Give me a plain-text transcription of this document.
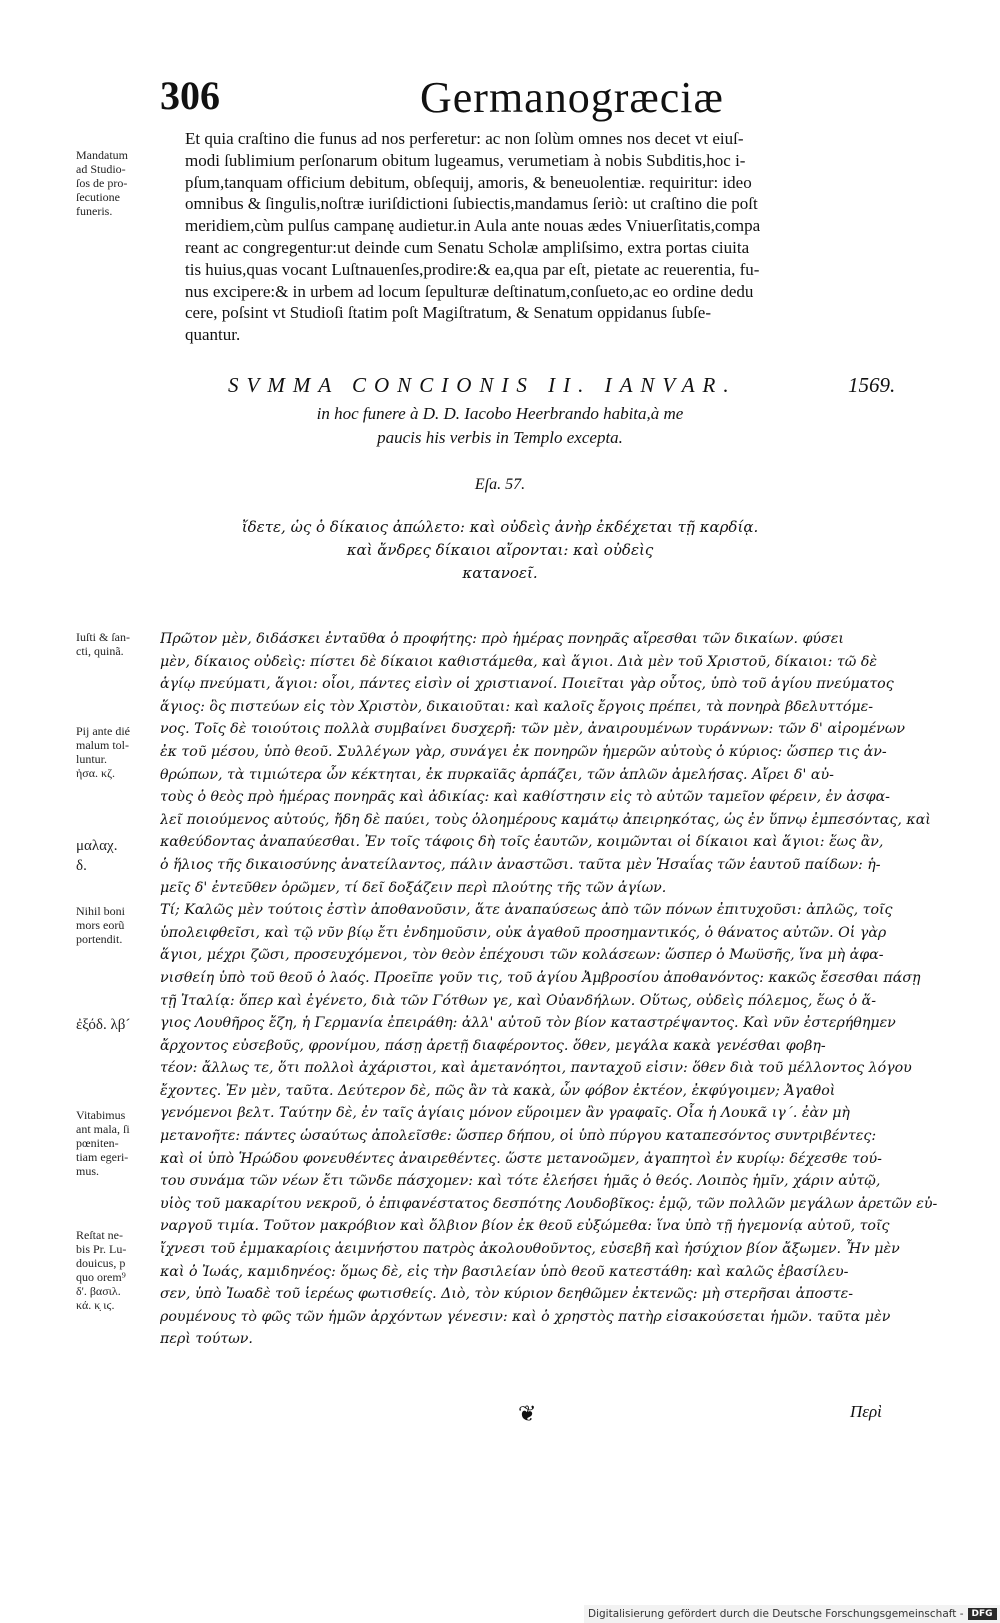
306	Germanogræciæ
Et quia craſtino die funus ad nos perferetur: ac non ſolùm omnes nos decet vt eiuſ-
modi ſublimium perſonarum obitum lugeamus, verumetiam à nobis Subditis,hoc i-
pſum,tanquam officium debitum, obſequij, amoris, & beneuolentiæ. requiritur: ideo
omnibus & ſingulis,noſtræ iuriſdictioni ſubiectis,mandamus ſeriò: ut craſtino die poſt
meridiem,cùm pulſus campanę audietur.in Aula ante nouas ædes Vniuerſitatis,compa
reant ac congregentur:ut deinde cum Senatu Scholæ ampliſsimo, extra portas ciuita
tis huius,quas vocant Luſtnauenſes,prodire:& ea,qua par eſt, pietate ac reuerentia, fu-
nus excipere:& in urbem ad locum ſepulturæ deſtinatum,conſueto,ac eo ordine dedu
cere, poſsint vt Studioſi ſtatim poſt Magiſtratum, & Senatum oppidanus ſubſe-
quantur.
Mandatum
ad Studio-
ſos de pro-
ſecutione
funeris.
SVMMA CONCIONIS II. IANVAR.	1569.
in hoc funere à D. D. Iacobo Heerbrando habita,à me
paucis his verbis in Templo excepta.
Eſa. 57.
ἴδετε, ὡς ὁ δίκαιος ἀπώλετο: καὶ οὐδεὶς ἀνὴρ ἐκδέχεται τῇ καρδίᾳ.
καὶ ἄνδρες δίκαιοι αἴρονται: καὶ οὐδεὶς
κατανοεῖ.
Iuſti & ſan-
cti, quinã.
Pij ante dié
malum tol-
luntur.
ἡσα. κζ.
μαλαχ.
δ.
Nihil boni
mors eorũ
portendit.
ἐξόδ. λβ´
Vitabimus
ant mala, ſi
pœniten-
tiam egeri-
mus.
Reſtat ne-
bis Pr. Lu-
douicus, p
quo orem⁹
δ'. βασιλ.
κά. κ̣ ιϛ.
Πρῶτον μὲν, διδάσκει ἐνταῦθα ὁ προφήτης: πρὸ ἡμέρας πονηρᾶς αἴρεσθαι τῶν δικαίων. φύσει
μὲν, δίκαιος οὐδεὶς: πίστει δὲ δίκαιοι καθιστάμεθα, καὶ ἅγιοι. Διὰ μὲν τοῦ Χριστοῦ, δίκαιοι: τῶ δὲ
ἁγίῳ πνεύματι, ἅγιοι: οἷοι, πάντες εἰσὶν οἱ χριστιανοί. Ποιεῖται γὰρ οὗτος, ὑπὸ τοῦ ἁγίου πνεύματος
ἅγιος: ὃς πιστεύων εἰς τὸν Χριστὸν, δικαιοῦται: καὶ καλοῖς ἔργοις πρέπει, τὰ πονηρὰ βδελυττόμε-
νος. Τοῖς δὲ τοιούτοις πολλὰ συμβαίνει δυσχερῆ: τῶν μὲν, ἀναιρουμένων τυράννων: τῶν δ' αἰρομένων
ἐκ τοῦ μέσου, ὑπὸ θεοῦ. Συλλέγων γὰρ, συνάγει ἐκ πονηρῶν ἡμερῶν αὐτοὺς ὁ κύριος: ὥσπερ τις ἀν-
θρώπων, τὰ τιμιώτερα ὧν κέκτηται, ἐκ πυρκαϊᾶς ἁρπάζει, τῶν ἁπλῶν ἀμελήσας. Αἴρει δ' αὐ-
τοὺς ὁ θεὸς πρὸ ἡμέρας πονηρᾶς καὶ ἀδικίας: καὶ καθίστησιν εἰς τὸ αὐτῶν ταμεῖον φέρειν, ἐν ἀσφα-
λεῖ ποιούμενος αὐτούς, ἤδη δὲ παύει, τοὺς ὁλοημέρους καμάτῳ ἀπειρηκότας, ὡς ἐν ὕπνῳ ἐμπεσόντας, καὶ
καθεύδοντας ἀναπαύεσθαι. Ἐν τοῖς τάφοις δὴ τοῖς ἑαυτῶν, κοιμῶνται οἱ δίκαιοι καὶ ἅγιοι: ἕως ἂν,
ὁ ἥλιος τῆς δικαιοσύνης ἀνατείλαντος, πάλιν ἀναστῶσι. ταῦτα μὲν Ἡσαΐας τῶν ἑαυτοῦ παίδων: ἡ-
μεῖς δ' ἐντεῦθεν ὁρῶμεν, τί δεῖ δοξάζειν περὶ πλούτης τῆς τῶν ἁγίων.
Τί; Καλῶς μὲν τούτοις ἐστὶν ἀποθανοῦσιν, ἅτε ἀναπαύσεως ἀπὸ τῶν πόνων ἐπιτυχοῦσι: ἀπλῶς, τοῖς
ὑπολειφθεῖσι, καὶ τῷ νῦν βίῳ ἔτι ἐνδημοῦσιν, οὐκ ἀγαθοῦ προσημαντικός, ὁ θάνατος αὐτῶν. Οἱ γὰρ
ἅγιοι, μέχρι ζῶσι, προσευχόμενοι, τὸν θεὸν ἐπέχουσι τῶν κολάσεων: ὥσπερ ὁ Μωϋσῆς, ἵνα μὴ ἀφα-
νισθείη ὑπὸ τοῦ θεοῦ ὁ λαός. Προεῖπε γοῦν τις, τοῦ ἁγίου Ἀμβροσίου ἀποθανόντος: κακῶς ἔσεσθαι πάσῃ
τῇ Ἰταλίᾳ: ὅπερ καὶ ἐγένετο, διὰ τῶν Γότθων γε, καὶ Οὐανδήλων. Οὕτως, οὐδεὶς πόλεμος, ἕως ὁ ἅ-
γιος Λουθῆρος ἔζη, ἡ Γερμανία ἐπειράθη: ἀλλ' αὐτοῦ τὸν βίον καταστρέψαντος. Καὶ νῦν ἐστερήθημεν
ἄρχοντος εὐσεβοῦς, φρονίμου, πάσῃ ἀρετῇ διαφέροντος. ὅθεν, μεγάλα κακὰ γενέσθαι φοβη-
τέον: ἄλλως τε, ὅτι πολλοὶ ἀχάριστοι, καὶ ἀμετανόητοι, πανταχοῦ εἰσιν: ὅθεν διὰ τοῦ μέλλοντος λόγου
ἔχοντες. Ἐν μὲν, ταῦτα. Δεύτερον δὲ, πῶς ἂν τὰ κακὰ, ὧν φόβον ἐκτέον, ἐκφύγοιμεν; Ἀγαθοὶ
γενόμενοι βελτ. Ταύτην δὲ, ἐν ταῖς ἁγίαις μόνον εὕροιμεν ἂν γραφαῖς. Οἷα ἡ Λουκᾶ ιγ´. ἐὰν μὴ
μετανοῆτε: πάντες ὡσαύτως ἀπολεῖσθε: ὥσπερ δήπου, οἱ ὑπὸ πύργου καταπεσόντος συντριβέντες:
καὶ οἱ ὑπὸ Ἡρώδου φονευθέντες ἀναιρεθέντες. ὥστε μετανοῶμεν, ἀγαπητοὶ ἐν κυρίῳ: δέχεσθε τού-
του συνάμα τῶν νέων ἔτι τῶνδε πάσχομεν: καὶ τότε ἐλεήσει ἡμᾶς ὁ θεός. Λοιπὸς ἡμῖν, χάριν αὐτῷ,
υἱὸς τοῦ μακαρίτου νεκροῦ, ὁ ἐπιφανέστατος δεσπότης Λουδοβῖκος: ἐμῷ, τῶν πολλῶν μεγάλων ἀρετῶν εὐ-
ναργοῦ τιμία. Τοῦτον μακρόβιον καὶ ὄλβιον βίον ἐκ θεοῦ εὐξώμεθα: ἵνα ὑπὸ τῇ ἡγεμονίᾳ αὐτοῦ, τοῖς
ἴχνεσι τοῦ ἐμμακαρίοις ἀειμνήστου πατρὸς ἀκολουθοῦντος, εὐσεβῆ καὶ ἡσύχιον βίον ἄξωμεν. Ἦν μὲν
καὶ ὁ Ἰωάς, καμιδηνέος: ὅμως δὲ, εἰς τὴν βασιλείαν ὑπὸ θεοῦ κατεστάθη: καὶ καλῶς ἐβασίλευ-
σεν, ὑπὸ Ἰωαδὲ τοῦ ἱερέως φωτισθείς. Διὸ, τὸν κύριον δεηθῶμεν ἐκτενῶς: μὴ στερῆσαι ἀποστε-
ρουμένους τὸ φῶς τῶν ἡμῶν ἀρχόντων γένεσιν: καὶ ὁ χρηστὸς πατὴρ εἰσακούσεται ἡμῶν. ταῦτα μὲν
περὶ τούτων.
❦	Περὶ
Digitalisierung gefördert durch die Deutsche Forschungsgemeinschaft - DFG
